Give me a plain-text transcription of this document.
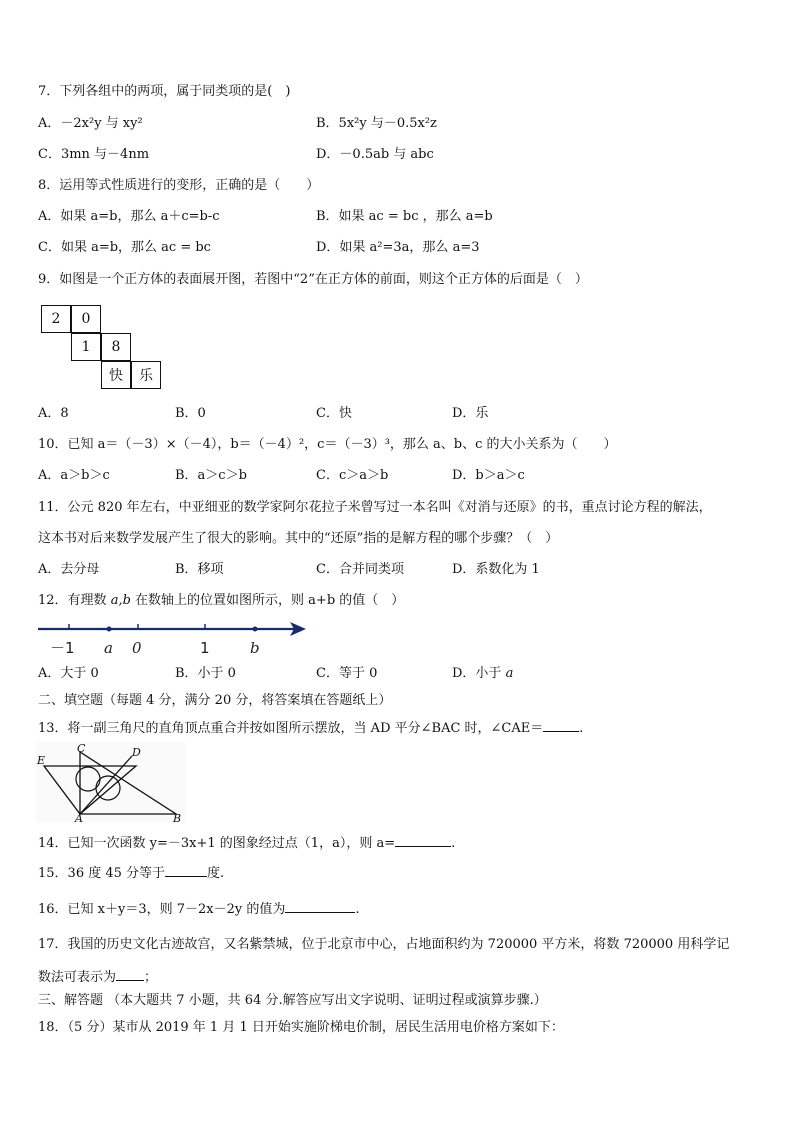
7．下列各组中的两项，属于同类项的是(　)
A．－2x²y 与 xy²	B．5x²y 与－0.5x²z
C．3mn 与－4nm	D．－0.5ab 与 abc
8．运用等式性质进行的变形，正确的是（　　）
A．如果 a=b，那么 a＋c=b-c	B．如果 ac = bc ，那么 a=b
C．如果 a=b，那么 ac = bc	D．如果 a²=3a，那么 a=3
9．如图是一个正方体的表面展开图，若图中“2”在正方体的前面，则这个正方体的后面是（　）
2	0
1	8
快	乐
A．8	B．0	C．快	D．乐
10．已知 a＝（－3）×（－4），b＝（－4）²，c＝（－3）³，那么 a、b、c 的大小关系为（　　）
A．a＞b＞c	B．a＞c＞b	C．c＞a＞b	D．b＞a＞c
11．公元 820 年左右，中亚细亚的数学家阿尔花拉子米曾写过一本名叫《对消与还原》的书，重点讨论方程的解法，
这本书对后来数学发展产生了很大的影响。其中的“还原”指的是解方程的哪个步骤？（　）
A．去分母	B．移项	C．合并同类项	D．系数化为 1
12．有理数 a,b 在数轴上的位置如图所示，则 a+b 的值（　）
－1 a 0	1	b
A．大于 0	B．小于 0	C．等于 0	D．小于 a
二、填空题（每题 4 分，满分 20 分，将答案填在答题纸上）
13．将一副三角尺的直角顶点重合并按如图所示摆放，当 AD 平分∠BAC 时，∠CAE＝	.
E
C	D
A	B
14．已知一次函数 y=－3x+1 的图象经过点（1，a），则 a=	.
15．36 度 45 分等于	度.
16．已知 x＋y＝3，则 7－2x－2y 的值为	.
17．我国的历史文化古迹故宫，又名紫禁城，位于北京市中心，占地面积约为 720000 平方米，将数 720000 用科学记
数法可表示为 ；
三、解答题 （本大题共 7 小题，共 64 分.解答应写出文字说明、证明过程或演算步骤.）
18．（5 分）某市从 2019 年 1 月 1 日开始实施阶梯电价制，居民生活用电价格方案如下：
